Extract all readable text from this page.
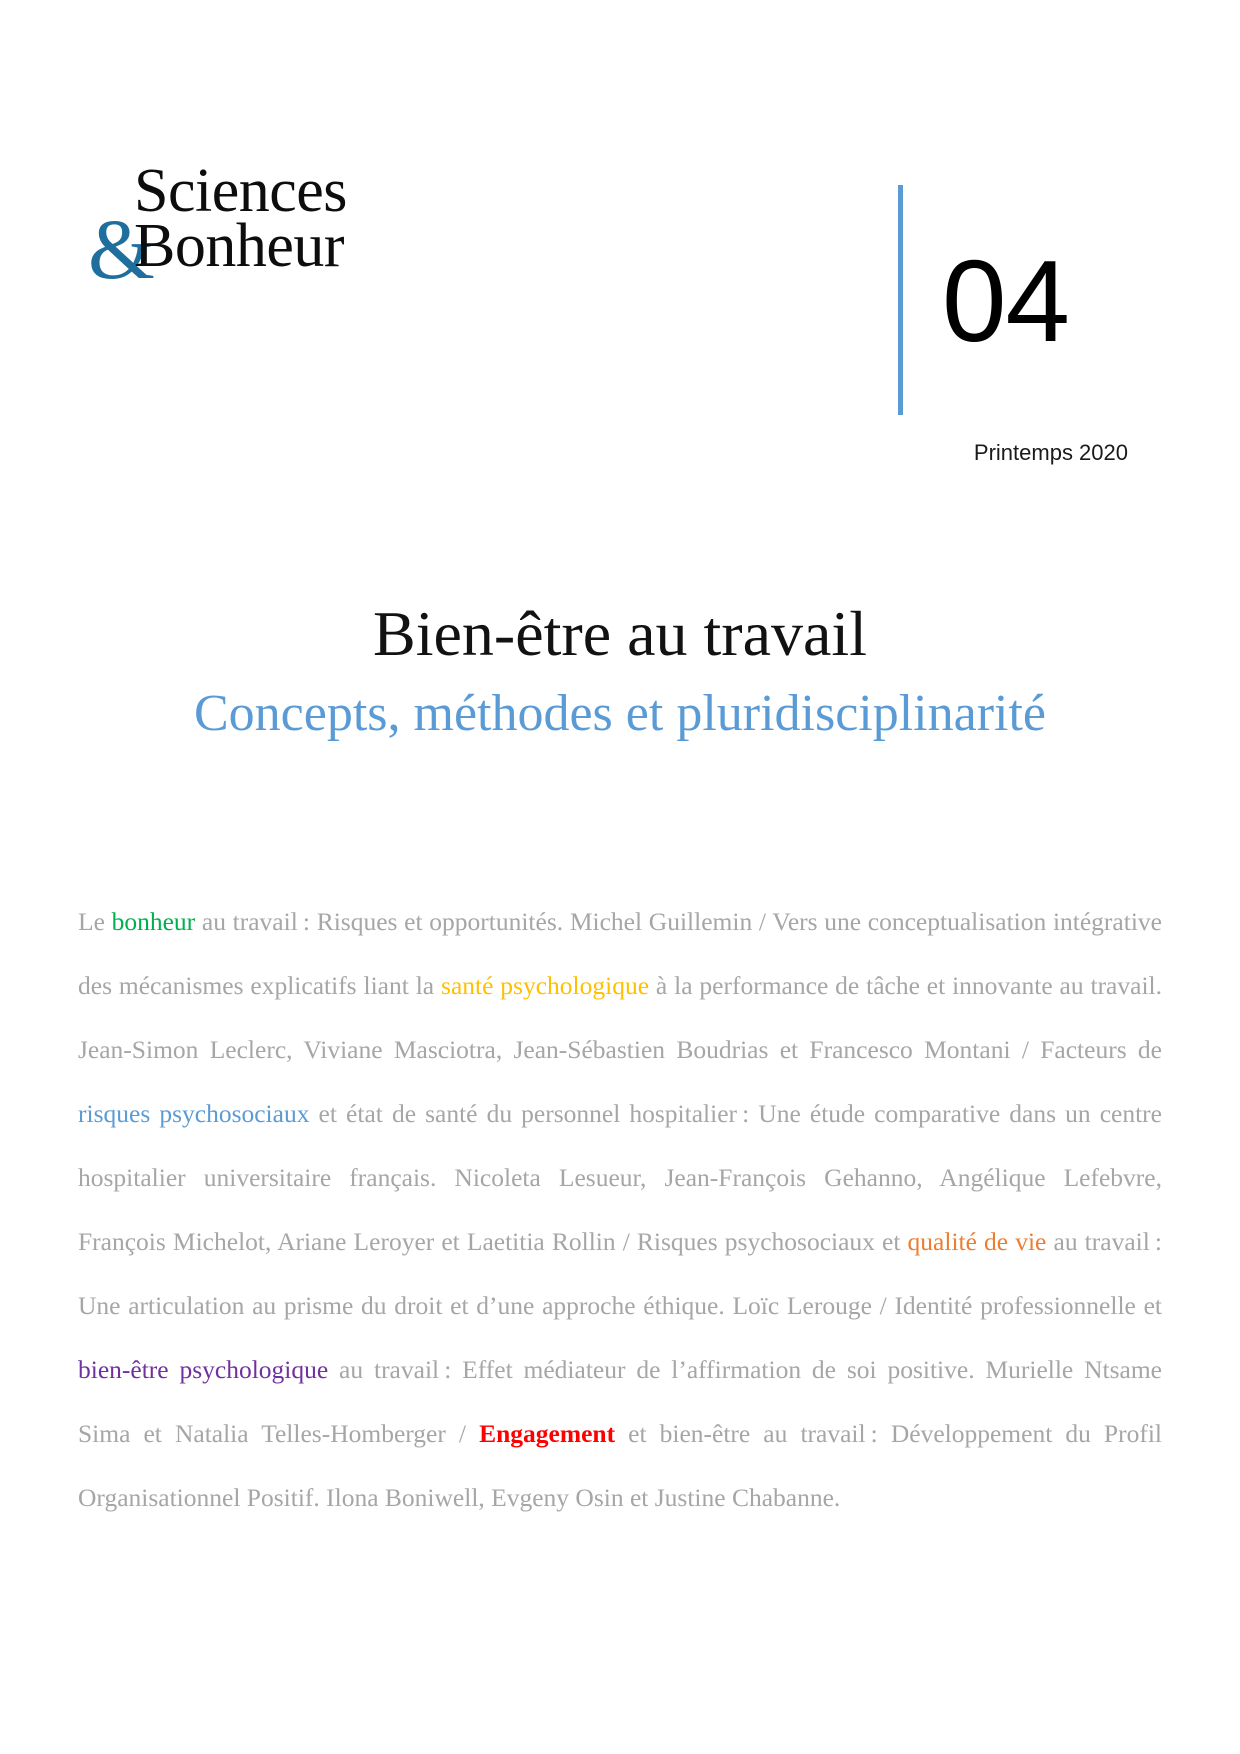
&
Sciences
Bonheur	04
Printemps 2020
Bien-être au travail
Concepts, méthodes et pluridisciplinarité
Le bonheur au travail : Risques et opportunités. Michel Guillemin / Vers une conceptualisation intégrative des mécanismes explicatifs liant la santé psychologique à la performance de tâche et innovante au travail. Jean-Simon Leclerc, Viviane Masciotra, Jean-Sébastien Boudrias et Francesco Montani / Facteurs de risques psychosociaux et état de santé du personnel hospitalier : Une étude comparative dans un centre hospitalier universitaire français. Nicoleta Lesueur, Jean-François Gehanno, Angélique Lefebvre, François Michelot, Ariane Leroyer et Laetitia Rollin / Risques psychosociaux et qualité de vie au travail : Une articulation au prisme du droit et d’une approche éthique. Loïc Lerouge / Identité professionnelle et bien-être psychologique au travail : Effet médiateur de l’affirmation de soi positive. Murielle Ntsame Sima et Natalia Telles-Homberger / Engagement et bien-être au travail : Développement du Profil Organisationnel Positif. Ilona Boniwell, Evgeny Osin et Justine Chabanne.
